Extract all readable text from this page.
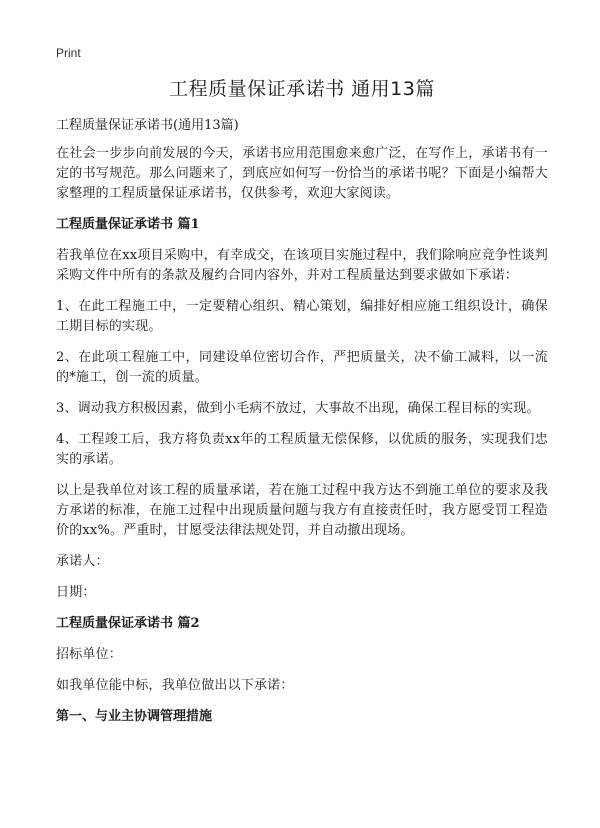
Print
工程质量保证承诺书 通用13篇
工程质量保证承诺书(通用13篇)

在社会一步步向前发展的今天，承诺书应用范围愈来愈广泛，在写作上，承诺书有一定的书写规范。那么问题来了，到底应如何写一份恰当的承诺书呢？下面是小编帮大家整理的工程质量保证承诺书，仅供参考，欢迎大家阅读。

工程质量保证承诺书 篇1

若我单位在xx项目采购中，有幸成交，在该项目实施过程中，我们除响应竞争性谈判采购文件中所有的条款及履约合同内容外，并对工程质量达到要求做如下承诺：

1、在此工程施工中，一定要精心组织、精心策划，编排好相应施工组织设计，确保工期目标的实现。

2、在此项工程施工中，同建设单位密切合作，严把质量关，决不偷工减料，以一流的*施工，创一流的质量。

3、调动我方积极因素，做到小毛病不放过，大事故不出现，确保工程目标的实现。

4、工程竣工后，我方将负责xx年的工程质量无偿保修，以优质的服务，实现我们忠实的承诺。

以上是我单位对该工程的质量承诺，若在施工过程中我方达不到施工单位的要求及我方承诺的标准，在施工过程中出现质量问题与我方有直接责任时，我方愿受罚工程造价的xx%。严重时，甘愿受法律法规处罚，并自动撤出现场。

承诺人：

日期：

工程质量保证承诺书 篇2

招标单位：

如我单位能中标，我单位做出以下承诺：

第一、与业主协调管理措施
